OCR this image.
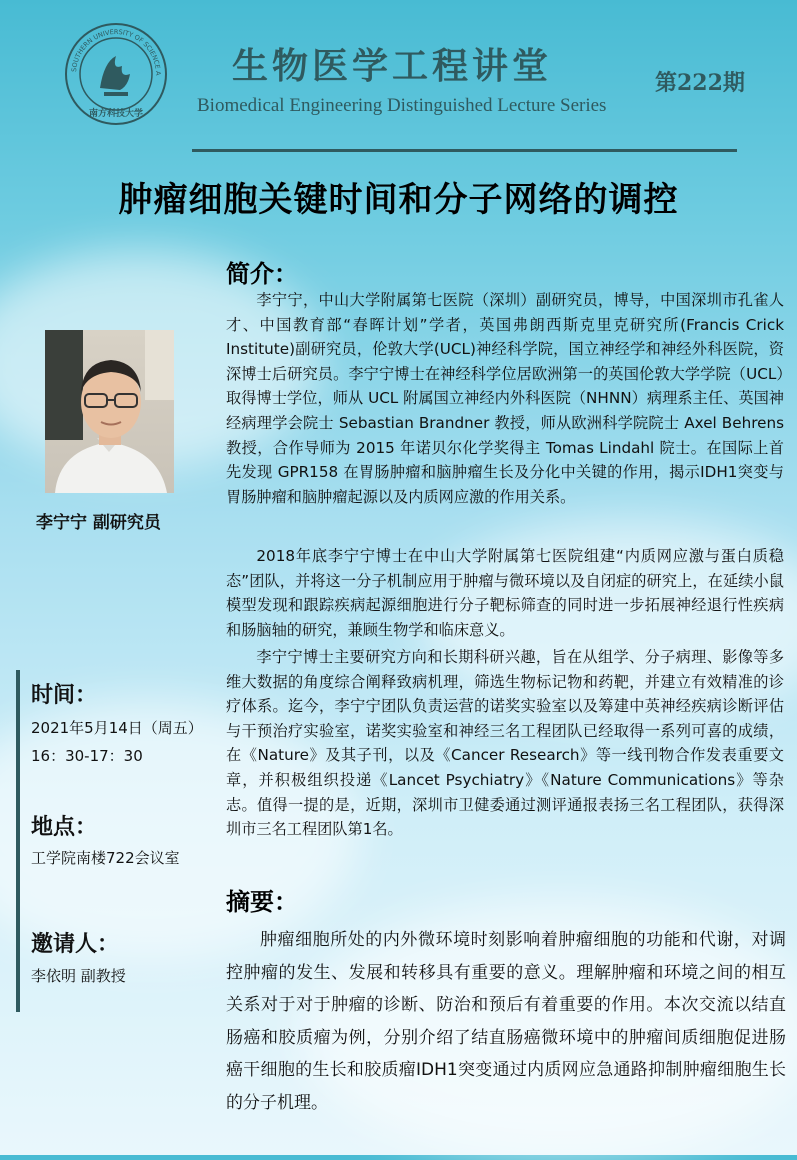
SOUTHERN UNIVERSITY OF SCIENCE A
南方科技大学
生物医学工程讲堂
Biomedical Engineering Distinguished Lecture Series
第222期
肿瘤细胞关键时间和分子网络的调控
李宁宁 副研究员
时间：
2021年5月14日（周五）
16：30-17：30
地点：
工学院南楼722会议室
邀请人：
李依明 副教授
简介：

李宁宁，中山大学附属第七医院（深圳）副研究员，博导，中国深圳市孔雀人才、中国教育部“春晖计划”学者，英国弗朗西斯克里克研究所(Francis Crick Institute)副研究员，伦敦大学(UCL)神经科学院，国立神经学和神经外科医院，资深博士后研究员。李宁宁博士在神经科学位居欧洲第一的英国伦敦大学学院（UCL）取得博士学位，师从 UCL 附属国立神经内外科医院（NHNN）病理系主任、英国神经病理学会院士 Sebastian Brandner 教授，师从欧洲科学院院士 Axel Behrens 教授，合作导师为 2015 年诺贝尔化学奖得主 Tomas Lindahl 院士。在国际上首先发现 GPR158 在胃肠肿瘤和脑肿瘤生长及分化中关键的作用，揭示IDH1突变与胃肠肿瘤和脑肿瘤起源以及内质网应激的作用关系。

2018年底李宁宁博士在中山大学附属第七医院组建“内质网应激与蛋白质稳态”团队，并将这一分子机制应用于肿瘤与微环境以及自闭症的研究上，在延续小鼠模型发现和跟踪疾病起源细胞进行分子靶标筛查的同时进一步拓展神经退行性疾病和肠脑轴的研究，兼顾生物学和临床意义。

李宁宁博士主要研究方向和长期科研兴趣，旨在从组学、分子病理、影像等多维大数据的角度综合阐释致病机理，筛选生物标记物和药靶，并建立有效精准的诊疗体系。迄今，李宁宁团队负责运营的诺奖实验室以及筹建中英神经疾病诊断评估与干预治疗实验室，诺奖实验室和神经三名工程团队已经取得一系列可喜的成绩，在《Nature》及其子刊，以及《Cancer Research》等一线刊物合作发表重要文章，并积极组织投递《Lancet Psychiatry》《Nature Communications》等杂志。值得一提的是，近期，深圳市卫健委通过测评通报表扬三名工程团队，获得深圳市三名工程团队第1名。

摘要：

肿瘤细胞所处的内外微环境时刻影响着肿瘤细胞的功能和代谢，对调控肿瘤的发生、发展和转移具有重要的意义。理解肿瘤和环境之间的相互关系对于对于肿瘤的诊断、防治和预后有着重要的作用。本次交流以结直肠癌和胶质瘤为例，分别介绍了结直肠癌微环境中的肿瘤间质细胞促进肠癌干细胞的生长和胶质瘤IDH1突变通过内质网应急通路抑制肿瘤细胞生长的分子机理。
